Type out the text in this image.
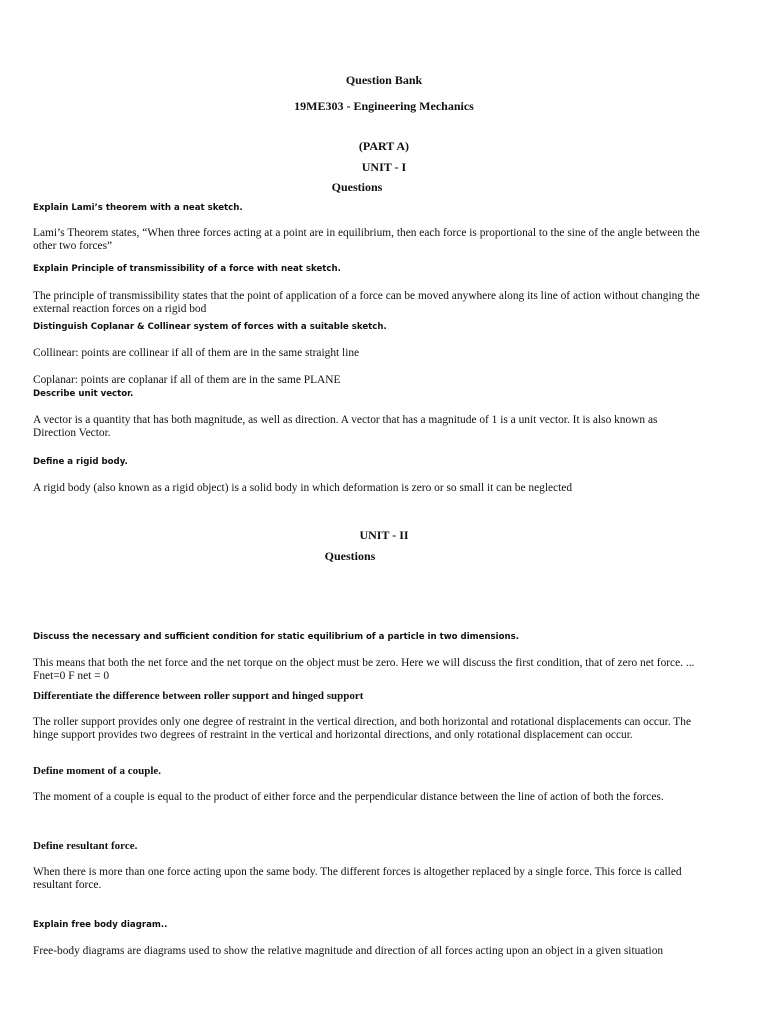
Question Bank
19ME303 - Engineering Mechanics
(PART A)
UNIT - I
Questions
Explain Lami’s theorem with a neat sketch.
Lami’s Theorem states, “When three forces acting at a point are in equilibrium, then each force is proportional to the sine of the angle between the other two forces”
Explain Principle of transmissibility of a force with neat sketch.
The principle of transmissibility states that the point of application of a force can be moved anywhere along its line of action without changing the external reaction forces on a rigid bod
Distinguish Coplanar & Collinear system of forces with a suitable sketch.
Collinear: points are collinear if all of them are in the same straight line
Coplanar: points are coplanar if all of them are in the same PLANE
Describe unit vector.
A vector is a quantity that has both magnitude, as well as direction. A vector that has a magnitude of 1 is a unit vector. It is also known as Direction Vector.
Define a rigid body.
A rigid body (also known as a rigid object) is a solid body in which deformation is zero or so small it can be neglected
UNIT - II
Questions
Discuss the necessary and sufficient condition for static equilibrium of a particle in two dimensions.
This means that both the net force and the net torque on the object must be zero. Here we will discuss the first condition, that of zero net force. ... Fnet=0 F net = 0
Differentiate the difference between roller support and hinged support
The roller support provides only one degree of restraint in the vertical direction, and both horizontal and rotational displacements can occur. The hinge support provides two degrees of restraint in the vertical and horizontal directions, and only rotational displacement can occur.
Define moment of a couple.
The moment of a couple is equal to the product of either force and the perpendicular distance between the line of action of both the forces.
Define resultant force.
When there is more than one force acting upon the same body. The different forces is altogether replaced by a single force. This force is called resultant force.
Explain free body diagram..
Free-body diagrams are diagrams used to show the relative magnitude and direction of all forces acting upon an object in a given situation
